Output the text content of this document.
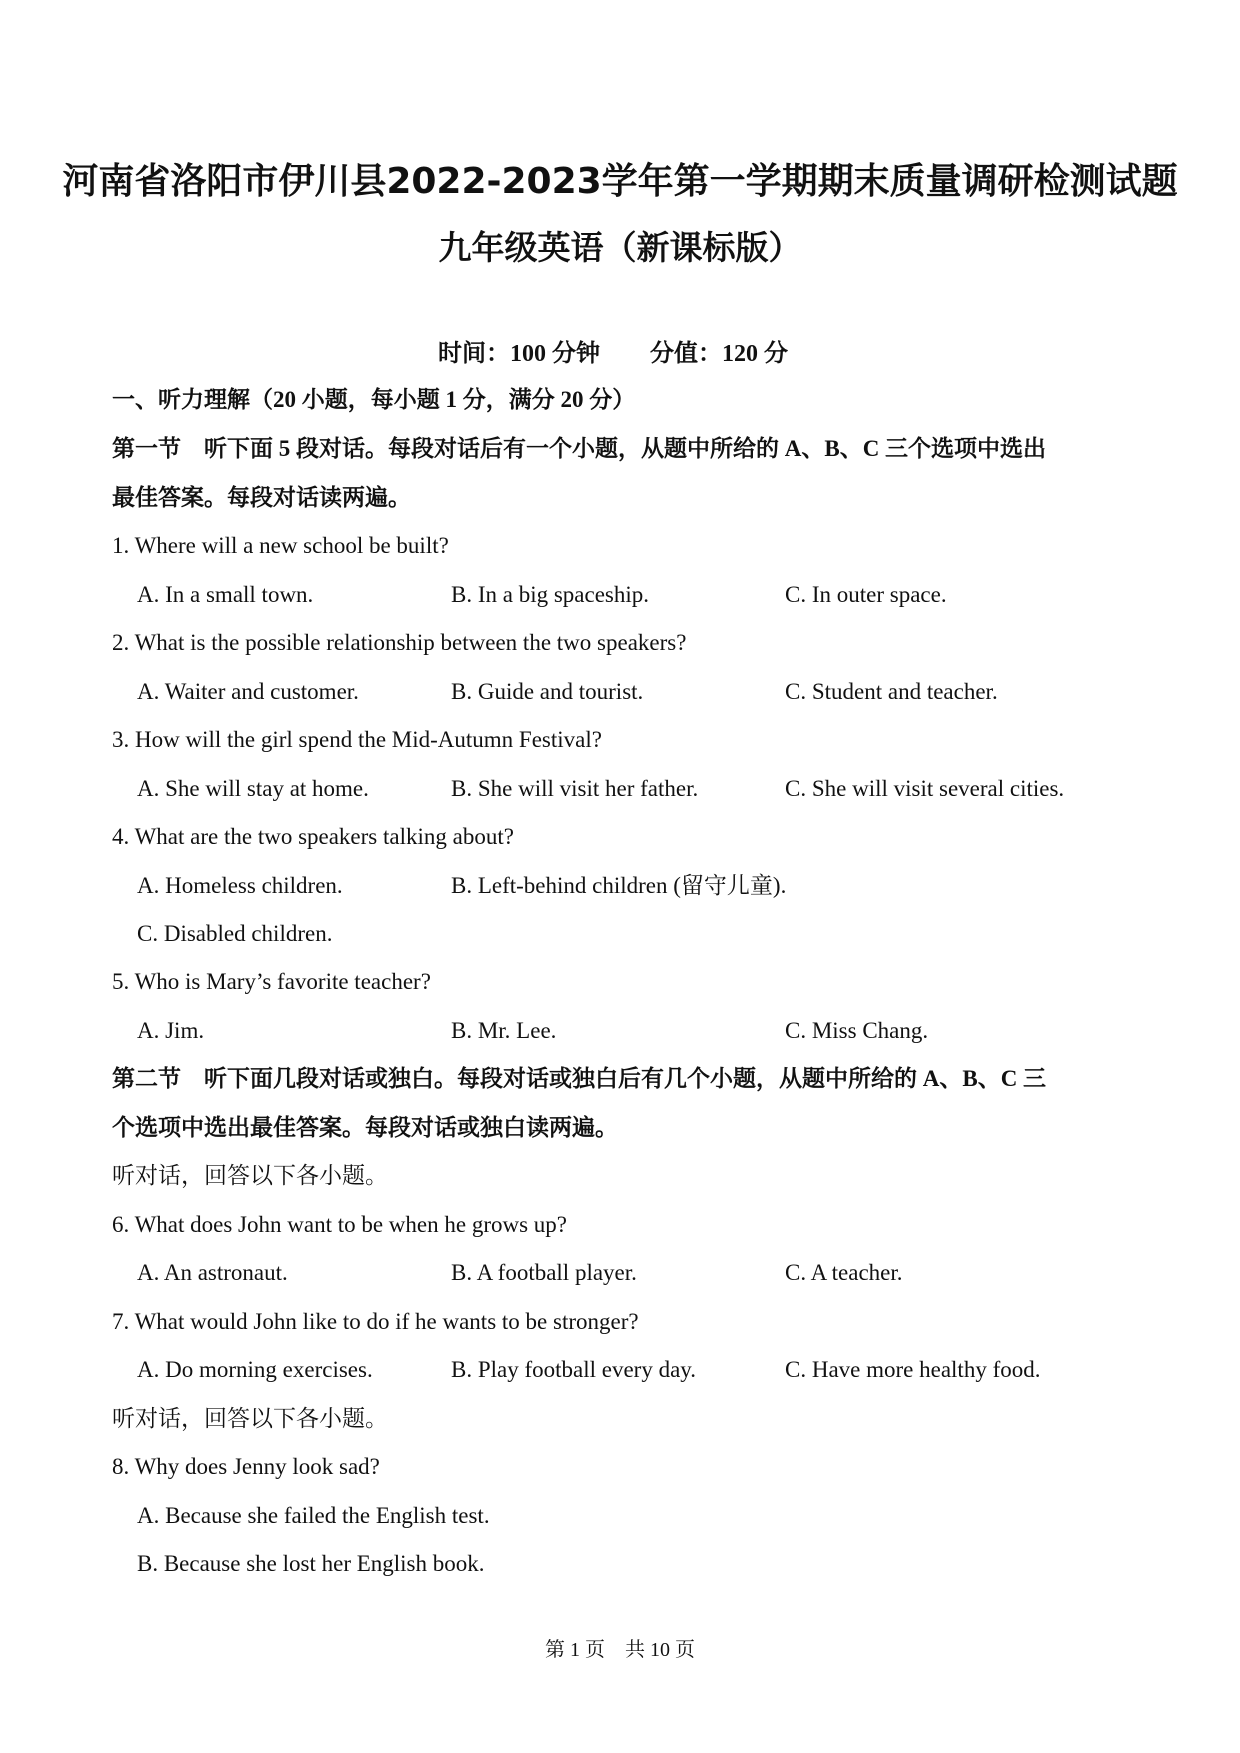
河南省洛阳市伊川县2022-2023学年第一学期期末质量调研检测试题
九年级英语（新课标版）
时间：100 分钟 分值：120 分
一、听力理解（20 小题，每小题 1 分，满分 20 分）
第一节　听下面 5 段对话。每段对话后有一个小题，从题中所给的 A、B、C 三个选项中选出
最佳答案。每段对话读两遍。
1. Where will a new school be built?
A. In a small town.	B. In a big spaceship.	C. In outer space.
2. What is the possible relationship between the two speakers?
A. Waiter and customer.	B. Guide and tourist.	C. Student and teacher.
3. How will the girl spend the Mid-Autumn Festival?
A. She will stay at home.	B. She will visit her father.	C. She will visit several cities.
4. What are the two speakers talking about?
A. Homeless children.	B. Left-behind children (留守儿童).
C. Disabled children.
5. Who is Mary’s favorite teacher?
A. Jim.	B. Mr. Lee.	C. Miss Chang.
第二节　听下面几段对话或独白。每段对话或独白后有几个小题，从题中所给的 A、B、C 三
个选项中选出最佳答案。每段对话或独白读两遍。
听对话，回答以下各小题。
6. What does John want to be when he grows up?
A. An astronaut.	B. A football player.	C. A teacher.
7. What would John like to do if he wants to be stronger?
A. Do morning exercises.	B. Play football every day.	C. Have more healthy food.
听对话，回答以下各小题。
8. Why does Jenny look sad?
A. Because she failed the English test.
B. Because she lost her English book.
第 1 页　共 10 页
